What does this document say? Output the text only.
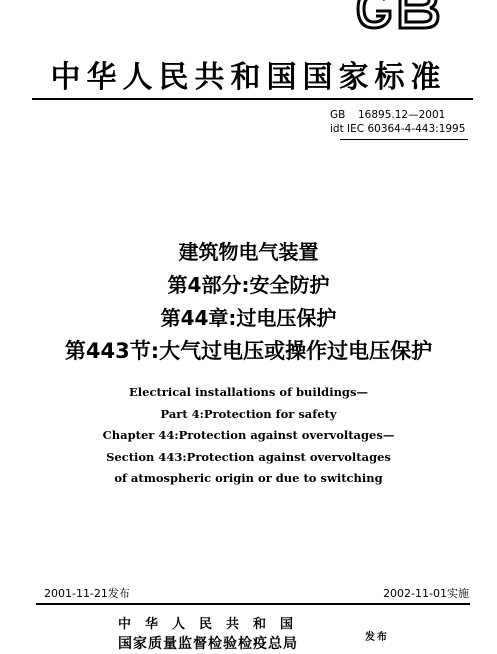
中华人民共和国国家标准
GB 16895.12—2001
idt IEC 60364-4-443:1995
建筑物电气装置
第4部分:安全防护
第44章:过电压保护
第443节:大气过电压或操作过电压保护
Electrical installations of buildings—
Part 4:Protection for safety
Chapter 44:Protection against overvoltages—
Section 443:Protection against overvoltages
of atmospheric origin or due to switching
2001-11-21发布	2002-11-01实施
中华人民共和国
国家质量监督检验检疫总局	发布
